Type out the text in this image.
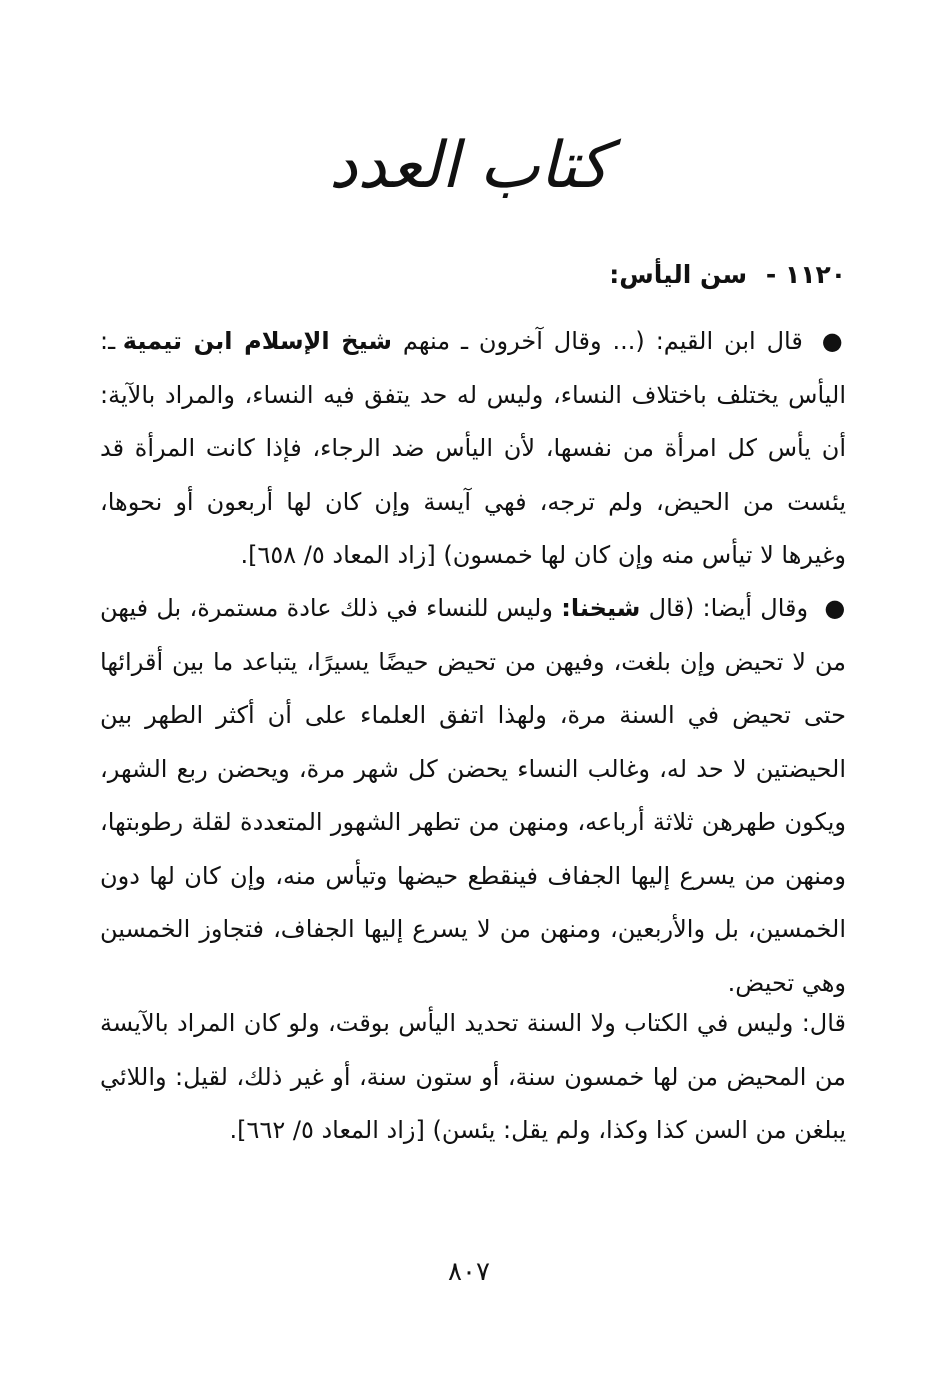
كتاب العدد
١١٢٠ - سن اليأس:

● قال ابن القيم: (... وقال آخرون ـ منهم شيخ الإسلام ابن تيمية ـ: اليأس يختلف باختلاف النساء، وليس له حد يتفق فيه النساء، والمراد بالآية: أن يأس كل امرأة من نفسها، لأن اليأس ضد الرجاء، فإذا كانت المرأة قد يئست من الحيض، ولم ترجه، فهي آيسة وإن كان لها أربعون أو نحوها، وغيرها لا تيأس منه وإن كان لها خمسون) [زاد المعاد ٥/ ٦٥٨].

● وقال أيضا: (قال شيخنا: وليس للنساء في ذلك عادة مستمرة، بل فيهن من لا تحيض وإن بلغت، وفيهن من تحيض حيضًا يسيرًا، يتباعد ما بين أقرائها حتى تحيض في السنة مرة، ولهذا اتفق العلماء على أن أكثر الطهر بين الحيضتين لا حد له، وغالب النساء يحضن كل شهر مرة، ويحضن ربع الشهر، ويكون طهرهن ثلاثة أرباعه، ومنهن من تطهر الشهور المتعددة لقلة رطوبتها، ومنهن من يسرع إليها الجفاف فينقطع حيضها وتيأس منه، وإن كان لها دون الخمسين، بل والأربعين، ومنهن من لا يسرع إليها الجفاف، فتجاوز الخمسين وهي تحيض.

قال: وليس في الكتاب ولا السنة تحديد اليأس بوقت، ولو كان المراد بالآيسة من المحيض من لها خمسون سنة، أو ستون سنة، أو غير ذلك، لقيل: واللائي يبلغن من السن كذا وكذا، ولم يقل: يئسن) [زاد المعاد ٥/ ٦٦٢].

٨٠٧
